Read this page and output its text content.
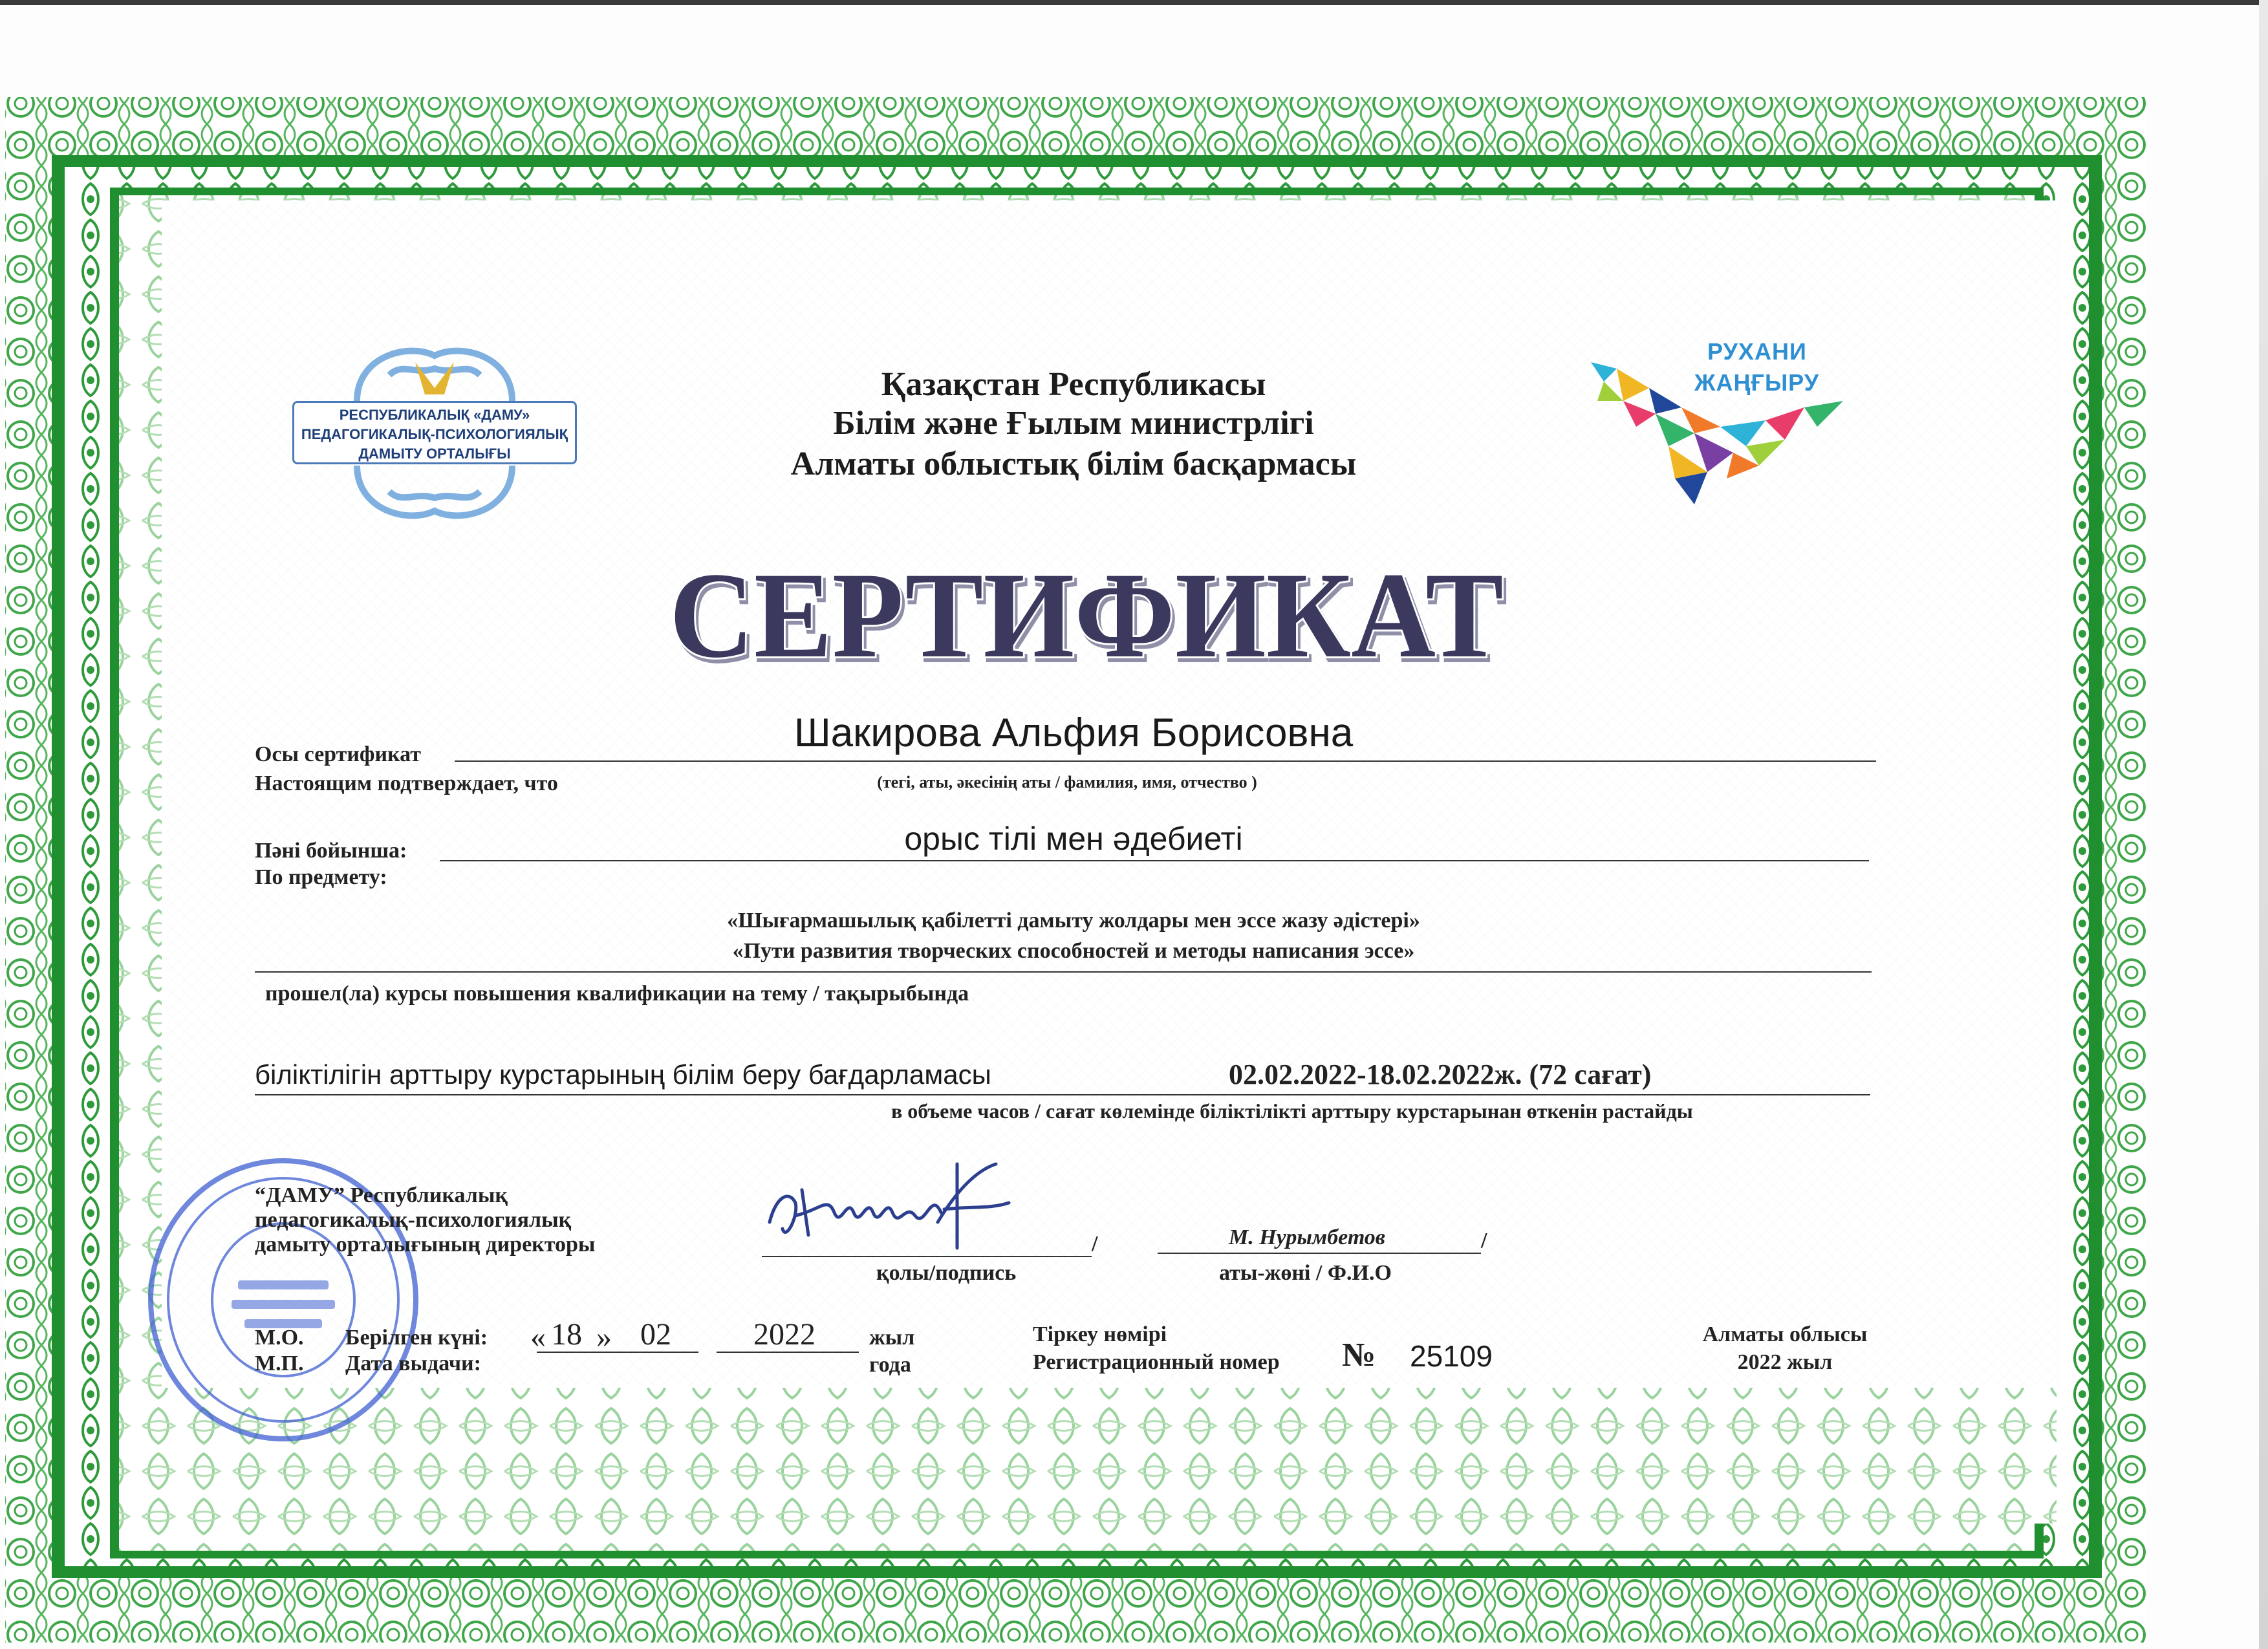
РЕСПУБЛИКАЛЫҚ «ДАМУ»
ПЕДАГОГИКАЛЫҚ-ПСИХОЛОГИЯЛЫҚ
ДАМЫТУ ОРТАЛЫҒЫ
Қазақстан Республикасы
Білім және Ғылым министрлігі
Алматы облыстық білім басқармасы
РУХАНИ
ЖАҢҒЫРУ
СЕРТИФИКАТ
Осы сертификат
Настоящим подтверждает, что
Шакирова Альфия Борисовна
(тегі, аты, әкесінің аты / фамилия, имя, отчество )
Пәні бойынша:
По предмету:
орыс тілі мен әдебиеті
«Шығармашылық қабілетті дамыту жолдары мен эссе жазу әдістері»
«Пути развития творческих способностей и методы написания эссе»
прошел(ла) курсы повышения квалификации на тему / тақырыбында
біліктілігін арттыру курстарының білім беру бағдарламасы	02.02.2022-18.02.2022ж. (72 сағат)
в объеме часов / сағат көлемінде біліктілікті арттыру курстарынан өткенін растайды
“ДАМУ” Республикалық
педагогикалық-психологиялық
дамыту орталығының директоры	/
қолы/подпись
М. Нурымбетов	/
аты-жөні / Ф.И.О
М.О.
М.П.
Берілген күні:
Дата выдачи:
« 18 » 02	2022 жыл
года
Тіркеу нөмірі
Регистрационный номер № 25109
Алматы облысы
2022 жыл
